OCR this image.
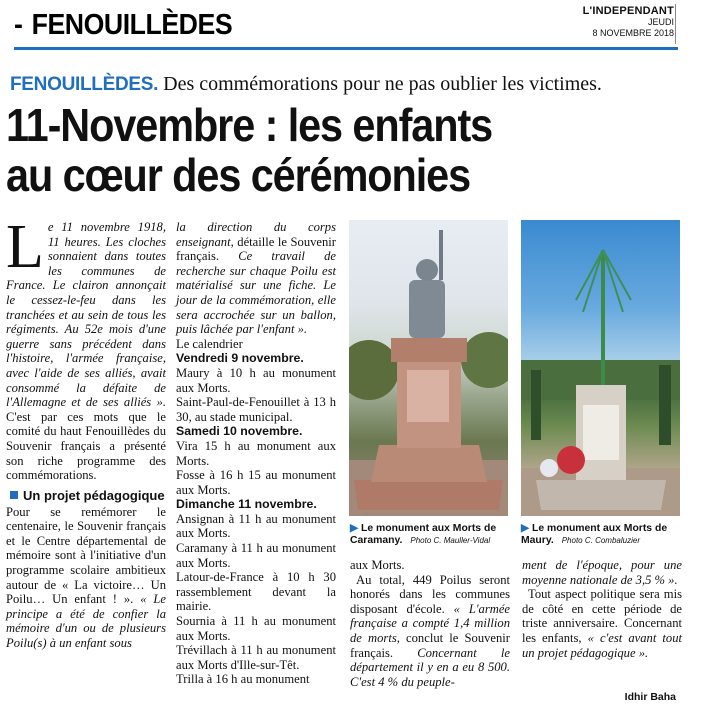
- FENOUILLÈDES	L'INDEPENDANT
JEUDI
8 NOVEMBRE 2018
FENOUILLÈDES. Des commémorations pour ne pas oublier les victimes.
11-Novembre : les enfants
au cœur des cérémonies
Le 11 novembre 1918, 11 heures. Les cloches sonnaient dans toutes les communes de France. Le clairon annonçait le cessez-le-feu dans les tranchées et au sein de tous les régiments. Au 52e mois d'une guerre sans précédent dans l'histoire, l'armée française, avec l'aide de ses alliés, avait consommé la défaite de l'Allemagne et de ses alliés ». C'est par ces mots que le comité du haut Fenouillèdes du Souvenir français a présenté son riche programme des commémorations.
Un projet pédagogique
Pour se remémorer le centenaire, le Souvenir français et le Centre départemental de mémoire sont à l'initiative d'un programme scolaire ambitieux autour de « La victoire… Un Poilu… Un enfant ! ». « Le principe a été de confier la mémoire d'un ou de plusieurs Poilu(s) à un enfant sous
la direction du corps enseignant, détaille le Souvenir français. Ce travail de recherche sur chaque Poilu est matérialisé sur une fiche. Le jour de la commémoration, elle sera accrochée sur un ballon, puis lâchée par l'enfant ».
Le calendrier
Vendredi 9 novembre.
Maury à 10 h au monument aux Morts.
Saint-Paul-de-Fenouillet à 13 h 30, au stade municipal.
Samedi 10 novembre.
Vira 15 h au monument aux Morts.
Fosse à 16 h 15 au monument aux Morts.
Dimanche 11 novembre.
Ansignan à 11 h au monument aux Morts.
Caramany à 11 h au monument aux Morts.
Latour-de-France à 10 h 30 rassemblement devant la mairie.
Sournia à 11 h au monument aux Morts.
Trévillach à 11 h au monument aux Morts d'Ille-sur-Têt.
Trilla à 16 h au monument
▶ Le monument aux Morts de Caramany. Photo C. Mauller-Vidal
▶ Le monument aux Morts de Maury. Photo C. Combaluzier
aux Morts.
Au total, 449 Poilus seront honorés dans les communes disposant d'école. « L'armée française a compté 1,4 million de morts, conclut le Souvenir français. Concernant le département il y en a eu 8 500. C'est 4 % du peuple-
ment de l'époque, pour une moyenne nationale de 3,5 % ».
Tout aspect politique sera mis de côté en cette période de triste anniversaire. Concernant les enfants, « c'est avant tout un projet pédagogique ».
Idhir Baha
